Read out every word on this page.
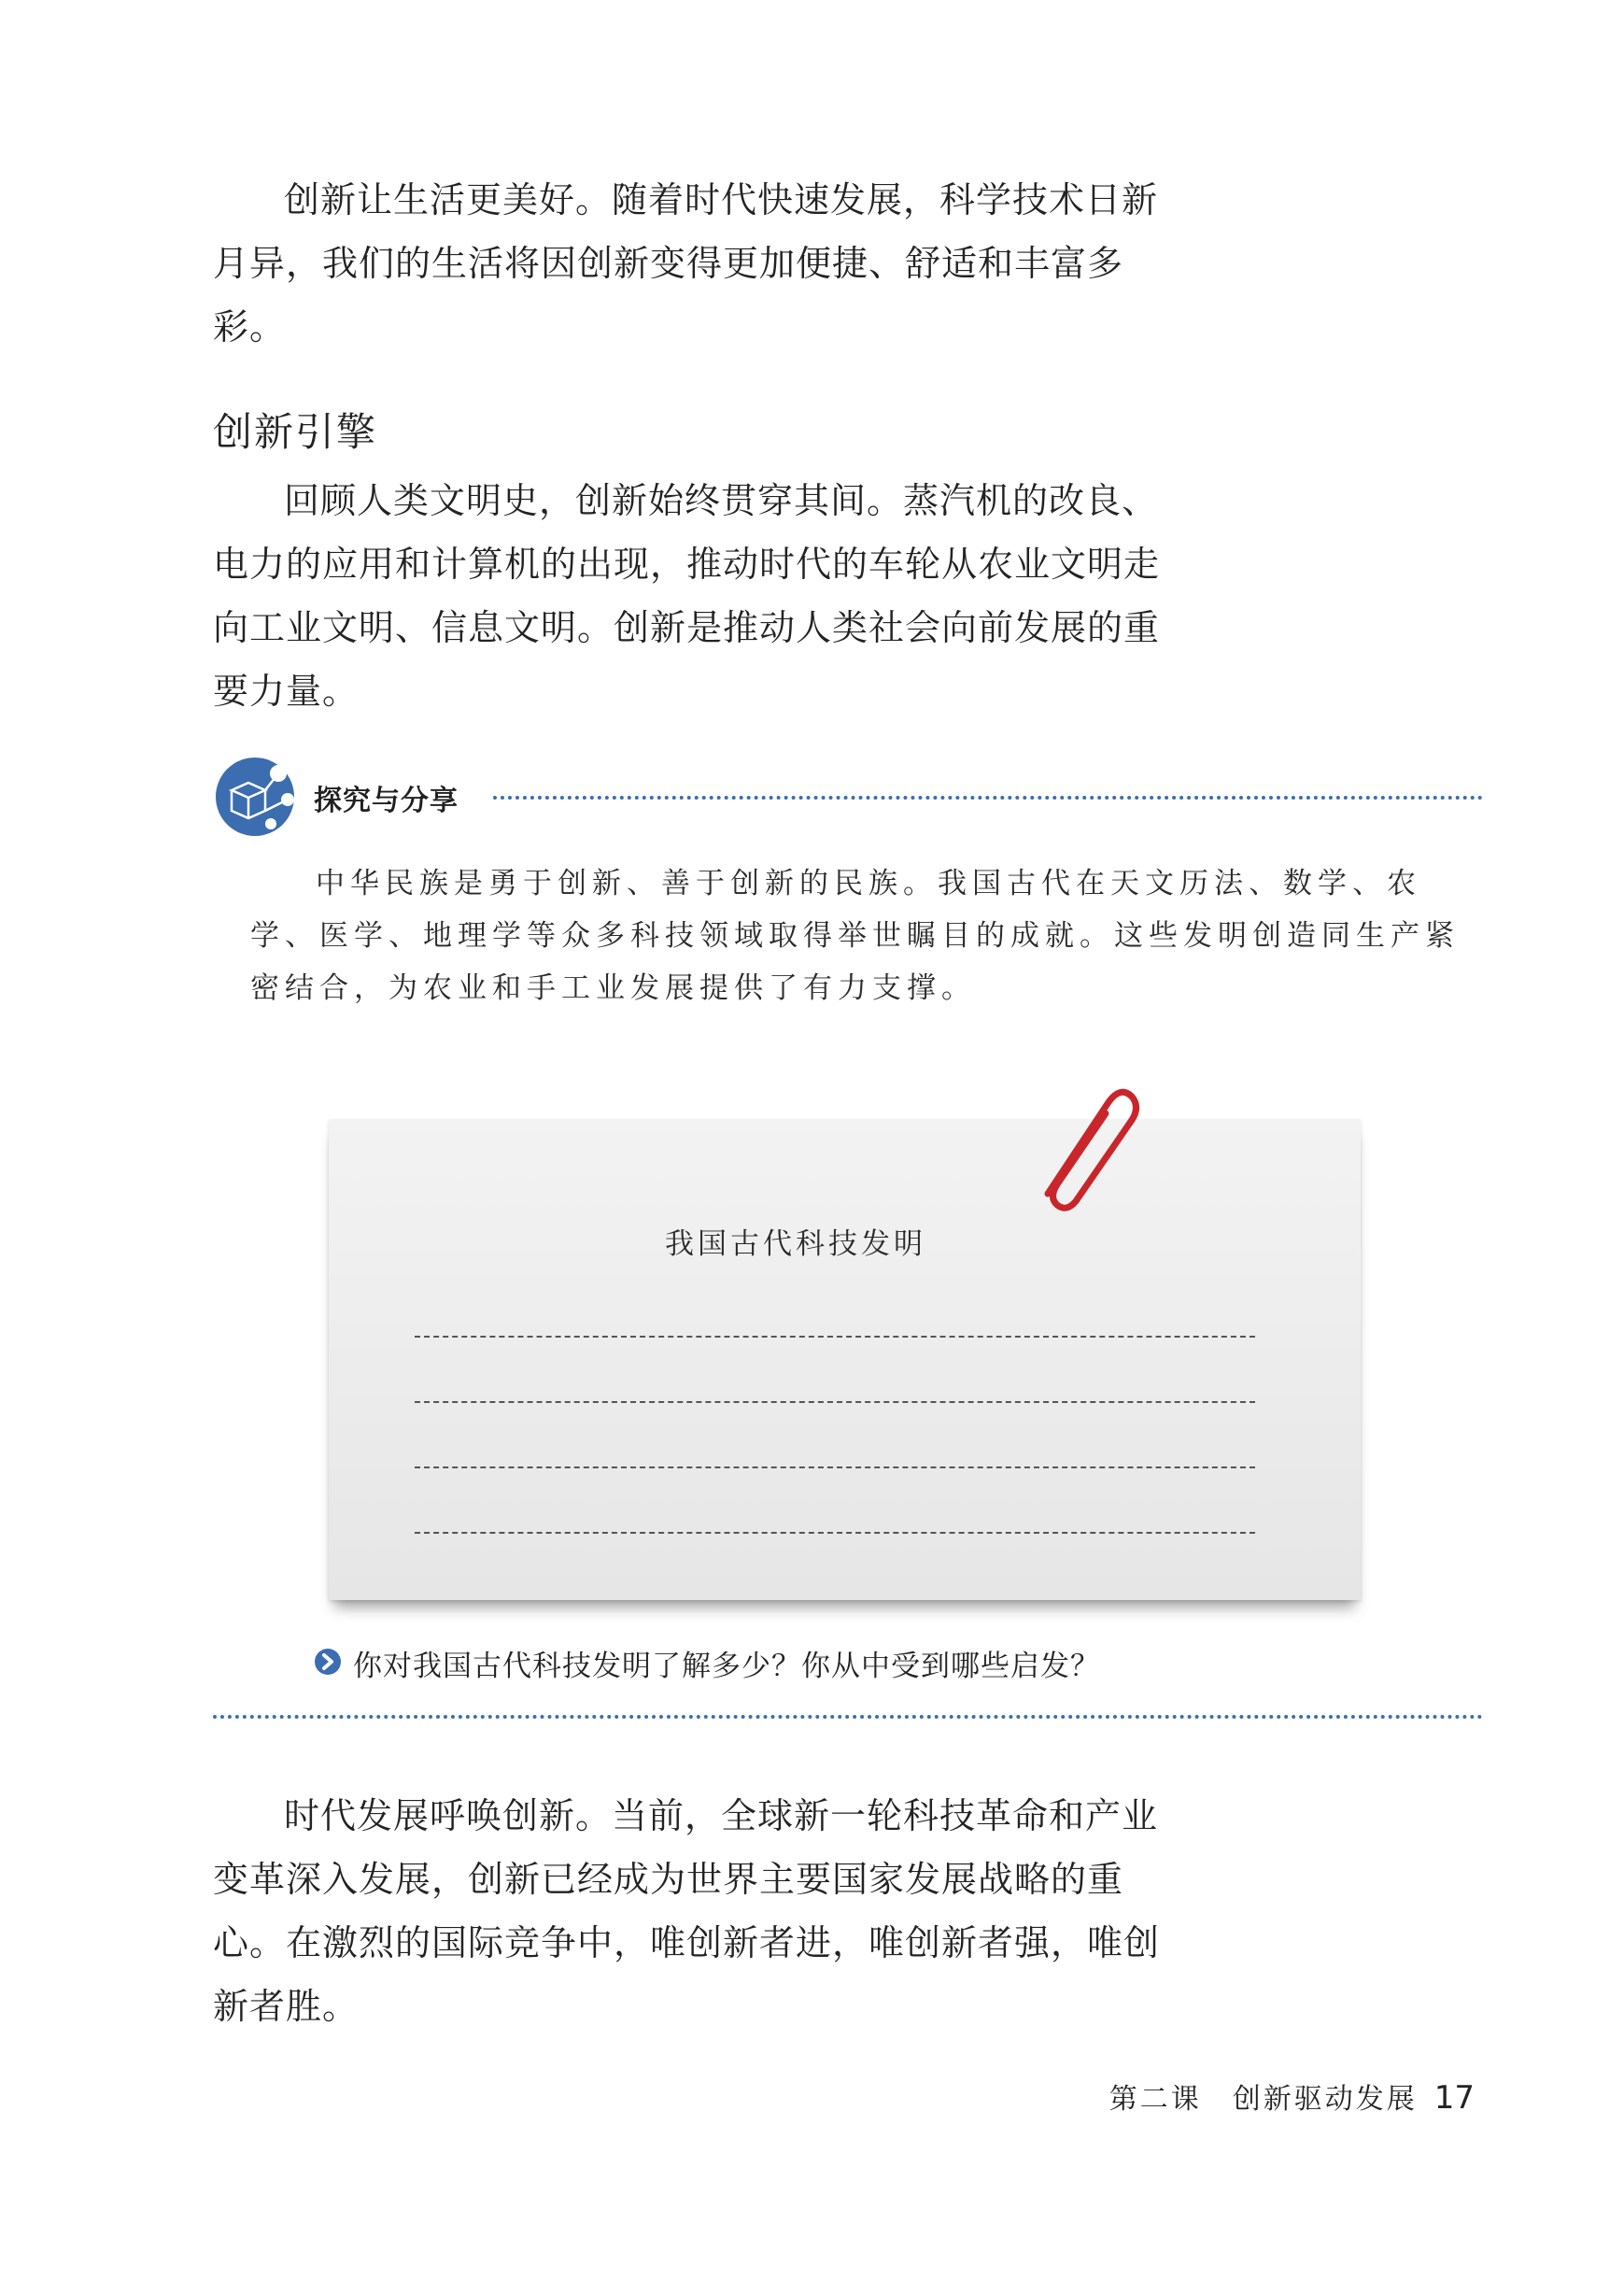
创新让生活更美好。随着时代快速发展，科学技术日新月异，我们的生活将因创新变得更加便捷、舒适和丰富多彩。

创新引擎

回顾人类文明史，创新始终贯穿其间。蒸汽机的改良、电力的应用和计算机的出现，推动时代的车轮从农业文明走向工业文明、信息文明。创新是推动人类社会向前发展的重要力量。

探究与分享

中华民族是勇于创新、善于创新的民族。我国古代在天文历法、数学、农学、医学、地理学等众多科技领域取得举世瞩目的成就。这些发明创造同生产紧密结合，为农业和手工业发展提供了有力支撑。

我国古代科技发明
你对我国古代科技发明了解多少？你从中受到哪些启发？

时代发展呼唤创新。当前，全球新一轮科技革命和产业变革深入发展，创新已经成为世界主要国家发展战略的重心。在激烈的国际竞争中，唯创新者进，唯创新者强，唯创新者胜。

第二课　创新驱动发展 17
